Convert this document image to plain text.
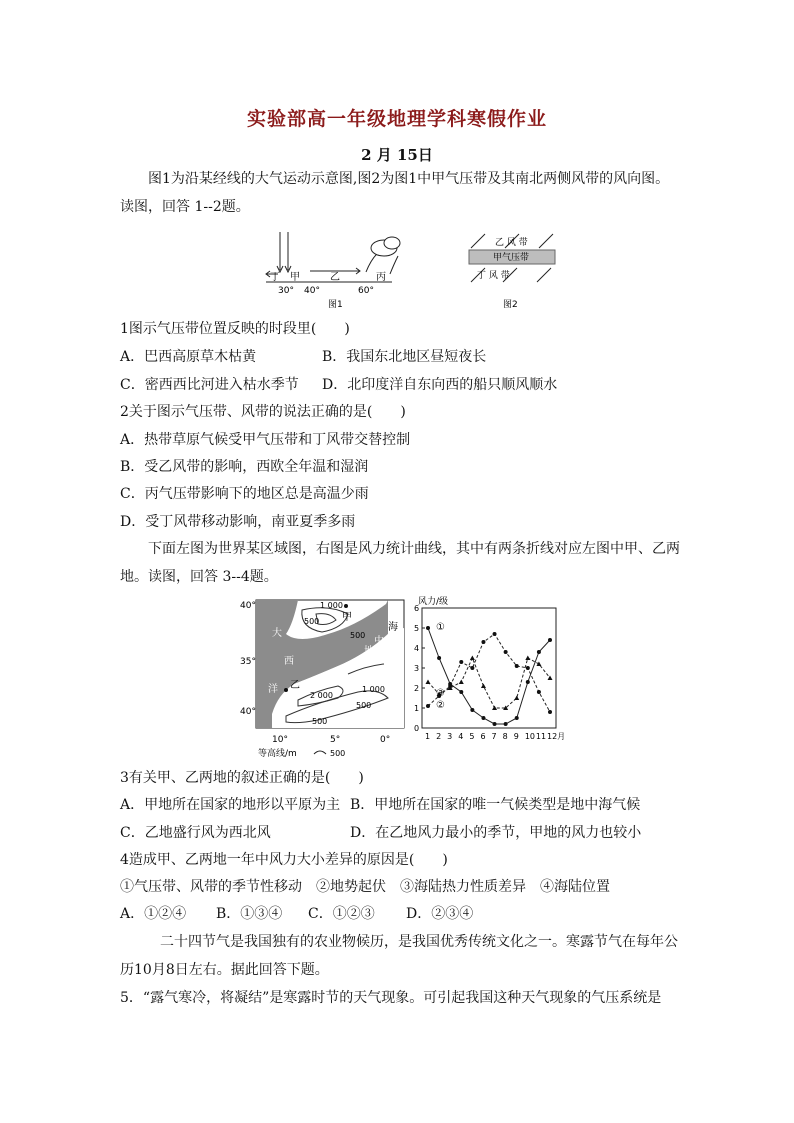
实验部高一年级地理学科寒假作业
2 月 15日
图1为沿某经线的大气运动示意图,图2为图1中甲气压带及其南北两侧风带的风向图。
读图，回答 1--2题。
丁 甲	乙	丙
30° 40°	60°
图1
乙 风 带
甲气压带
丁 风 带
图2
1图示气压带位置反映的时段里(　　)
A．巴西高原草木枯黄	B．我国东北地区昼短夜长
C．密西西比河进入枯水季节 D．北印度洋自东向西的船只顺风顺水
2关于图示气压带、风带的说法正确的是(　　)
A．热带草原气候受甲气压带和丁风带交替控制
B．受乙风带的影响，西欧全年温和湿润
C．丙气压带影响下的地区总是高温少雨
D．受丁风带移动影响，南亚夏季多雨
下面左图为世界某区域图，右图是风力统计曲线，其中有两条折线对应左图中甲、乙两
地。读图，回答 3--4题。
40°
35°
40°
10°	5°	0°
大
西
洋
海
中
地
甲
乙
1 000
500
500
2 000
1 000
500
500
等高线/m	500
风力/级
0
1
2
3
4
5
6
1 2 3 4 5 6 7 8 9 10 11 12月
①
②
③
3有关甲、乙两地的叙述正确的是(　　)
A．甲地所在国家的地形以平原为主 B．甲地所在国家的唯一气候类型是地中海气候
C．乙地盛行风为西北风	D．在乙地风力最小的季节，甲地的风力也较小
4造成甲、乙两地一年中风力大小差异的原因是(　　)
①气压带、风带的季节性移动　②地势起伏　③海陆热力性质差异　④海陆位置
A．①②④ B．①③④ C．①②③ D．②③④
二十四节气是我国独有的农业物候历，是我国优秀传统文化之一。寒露节气在每年公
历10月8日左右。据此回答下题。
5．“露气寒冷，将凝结”是寒露时节的天气现象。可引起我国这种天气现象的气压系统是
